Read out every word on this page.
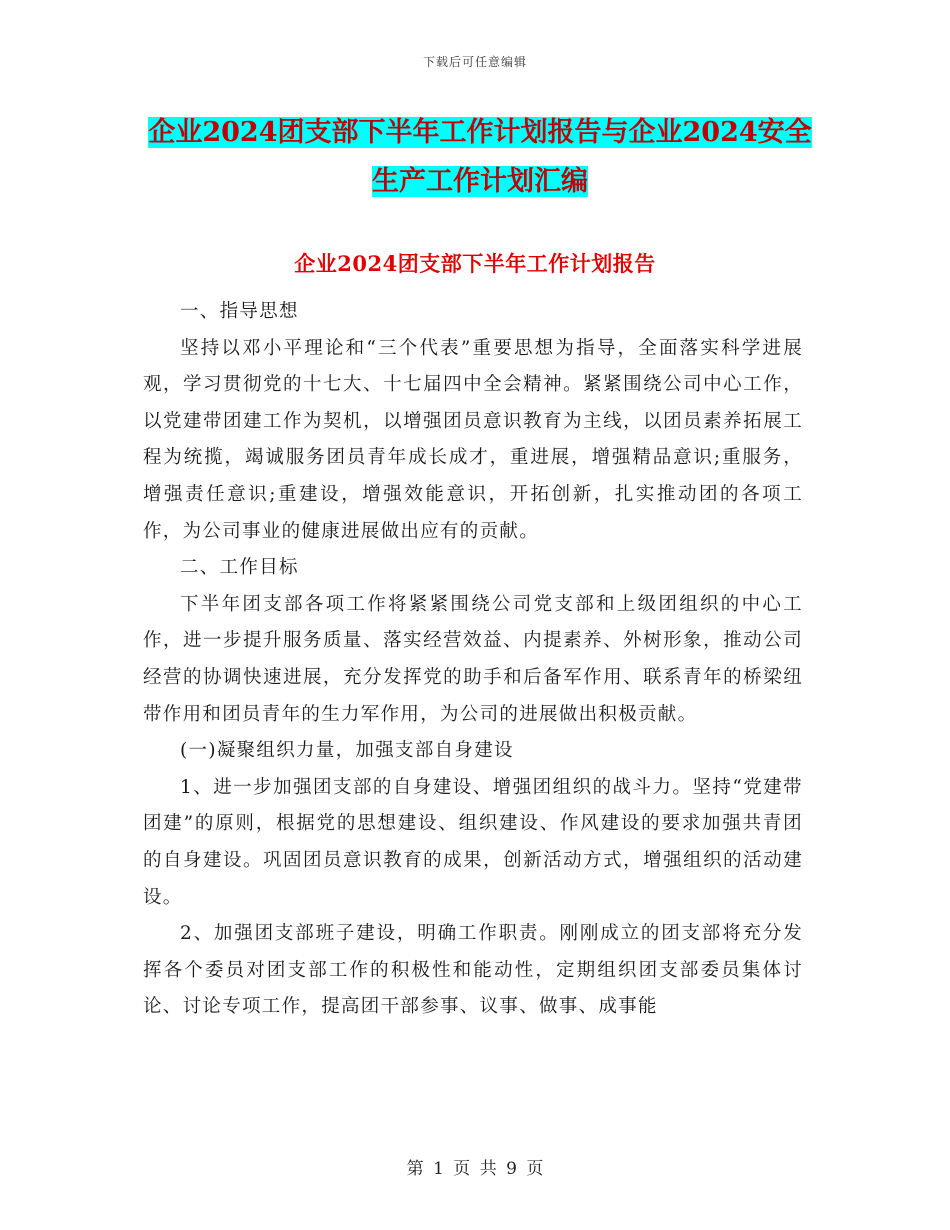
下载后可任意编辑
企业2024团支部下半年工作计划报告与企业2024安全生产工作计划汇编
企业2024团支部下半年工作计划报告

一、指导思想

坚持以邓小平理论和“三个代表”重要思想为指导，全面落实科学进展观，学习贯彻党的十七大、十七届四中全会精神。紧紧围绕公司中心工作，以党建带团建工作为契机，以增强团员意识教育为主线，以团员素养拓展工程为统揽，竭诚服务团员青年成长成才，重进展，增强精品意识;重服务，增强责任意识;重建设，增强效能意识，开拓创新，扎实推动团的各项工作，为公司事业的健康进展做出应有的贡献。

二、工作目标

下半年团支部各项工作将紧紧围绕公司党支部和上级团组织的中心工作，进一步提升服务质量、落实经营效益、内提素养、外树形象，推动公司经营的协调快速进展，充分发挥党的助手和后备军作用、联系青年的桥梁纽带作用和团员青年的生力军作用，为公司的进展做出积极贡献。

(一)凝聚组织力量，加强支部自身建设

1、进一步加强团支部的自身建设、增强团组织的战斗力。坚持“党建带团建”的原则，根据党的思想建设、组织建设、作风建设的要求加强共青团的自身建设。巩固团员意识教育的成果，创新活动方式，增强组织的活动建设。

2、加强团支部班子建设，明确工作职责。刚刚成立的团支部将充分发挥各个委员对团支部工作的积极性和能动性，定期组织团支部委员集体讨论、讨论专项工作，提高团干部参事、议事、做事、成事能

第 1 页 共 9 页
